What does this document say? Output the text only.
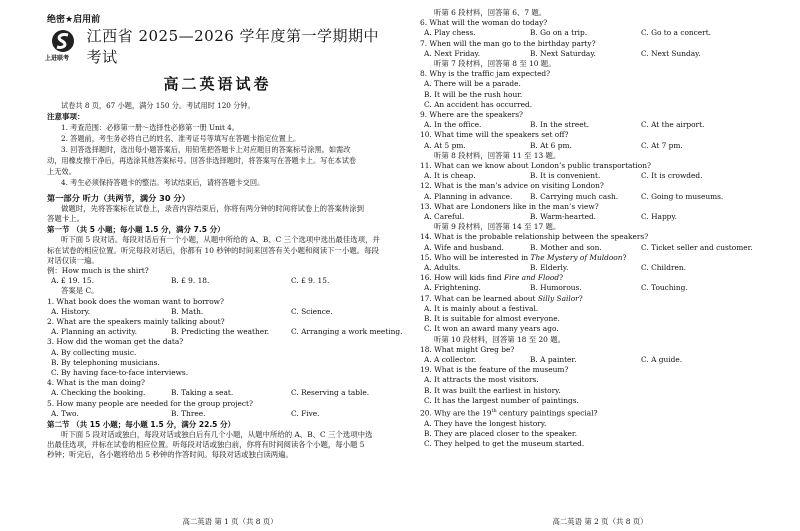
绝密★启用前
上进联考
江西省 2025—2026 学年度第一学期期中考试
高二英语试卷
试卷共 8 页，67 小题，满分 150 分。考试用时 120 分钟。
注意事项：
1. 考查范围：必修第一册～选择性必修第一册 Unit 4。
2. 答题前，考生务必将自己的姓名、准考证号等填写在答题卡指定位置上。
3. 回答选择题时，选出每小题答案后，用铅笔把答题卡上对应题目的答案标号涂黑。如需改
动，用橡皮擦干净后，再选涂其他答案标号。回答非选择题时，将答案写在答题卡上。写在本试卷
上无效。
4. 考生必须保持答题卡的整洁。考试结束后，请将答题卡交回。
第一部分 听力（共两节，满分 30 分）
做题时，先将答案标在试卷上，录音内容结束后，你将有两分钟的时间将试卷上的答案转涂到
答题卡上。
第一节 （共 5 小题；每小题 1.5 分，满分 7.5 分）
听下面 5 段对话。每段对话后有一个小题，从题中所给的 A、B、C 三个选项中选出最佳选项，并
标在试卷的相应位置。听完每段对话后，你都有 10 秒钟的时间来回答有关小题和阅读下一小题。每段
对话仅读一遍。
例：How much is the shirt?
A. £ 19. 15.	B. £ 9. 18.	C. £ 9. 15.
答案是 C。
1. What book does the woman want to borrow?
A. History.	B. Math.	C. Science.
2. What are the speakers mainly talking about?
A. Planning an activity.	B. Predicting the weather.	C. Arranging a work meeting.
3. How did the woman get the data?
A. By collecting music.
B. By telephoning musicians.
C. By having face-to-face interviews.
4. What is the man doing?
A. Checking the booking.	B. Taking a seat.	C. Reserving a table.
5. How many people are needed for the group project?
A. Two.	B. Three.	C. Five.
第二节 （共 15 小题；每小题 1.5 分，满分 22.5 分）
听下面 5 段对话或独白，每段对话或独白后有几个小题，从题中所给的 A、B、C 三个选项中选
出最佳选项，并标在试卷的相应位置。听每段对话或独白前，你将有时间阅读各个小题，每小题 5
秒钟；听完后，各小题将给出 5 秒钟的作答时间。每段对话或独白读两遍。
高二英语 第 1 页（共 8 页）
听第 6 段材料，回答第 6、7 题。
6. What will the woman do today?
A. Play chess.	B. Go on a trip.	C. Go to a concert.
7. When will the man go to the birthday party?
A. Next Friday.	B. Next Saturday.	C. Next Sunday.
听第 7 段材料，回答第 8 至 10 题。
8. Why is the traffic jam expected?
A. There will be a parade.
B. It will be the rush hour.
C. An accident has occurred.
9. Where are the speakers?
A. In the office.	B. In the street.	C. At the airport.
10. What time will the speakers set off?
A. At 5 pm.	B. At 6 pm.	C. At 7 pm.
听第 8 段材料，回答第 11 至 13 题。
11. What can we know about London’s public transportation?
A. It is cheap.	B. It is convenient.	C. It is crowded.
12. What is the man’s advice on visiting London?
A. Planning in advance.	B. Carrying much cash.	C. Going to museums.
13. What are Londoners like in the man’s view?
A. Careful.	B. Warm-hearted.	C. Happy.
听第 9 段材料，回答第 14 至 17 题。
14. What is the probable relationship between the speakers?
A. Wife and husband.	B. Mother and son.	C. Ticket seller and customer.
15. Who will be interested in The Mystery of Muldoon?
A. Adults.	B. Elderly.	C. Children.
16. How will kids find Fire and Flood?
A. Frightening.	B. Humorous.	C. Touching.
17. What can be learned about Silly Sailor?
A. It is mainly about a festival.
B. It is suitable for almost everyone.
C. It won an award many years ago.
听第 10 段材料，回答第 18 至 20 题。
18. What might Greg be?
A. A collector.	B. A painter.	C. A guide.
19. What is the feature of the museum?
A. It attracts the most visitors.
B. It was built the earliest in history.
C. It has the largest number of paintings.
20. Why are the 19th century paintings special?
A. They have the longest history.
B. They are placed closer to the speaker.
C. They helped to get the museum started.
高二英语 第 2 页（共 8 页）
